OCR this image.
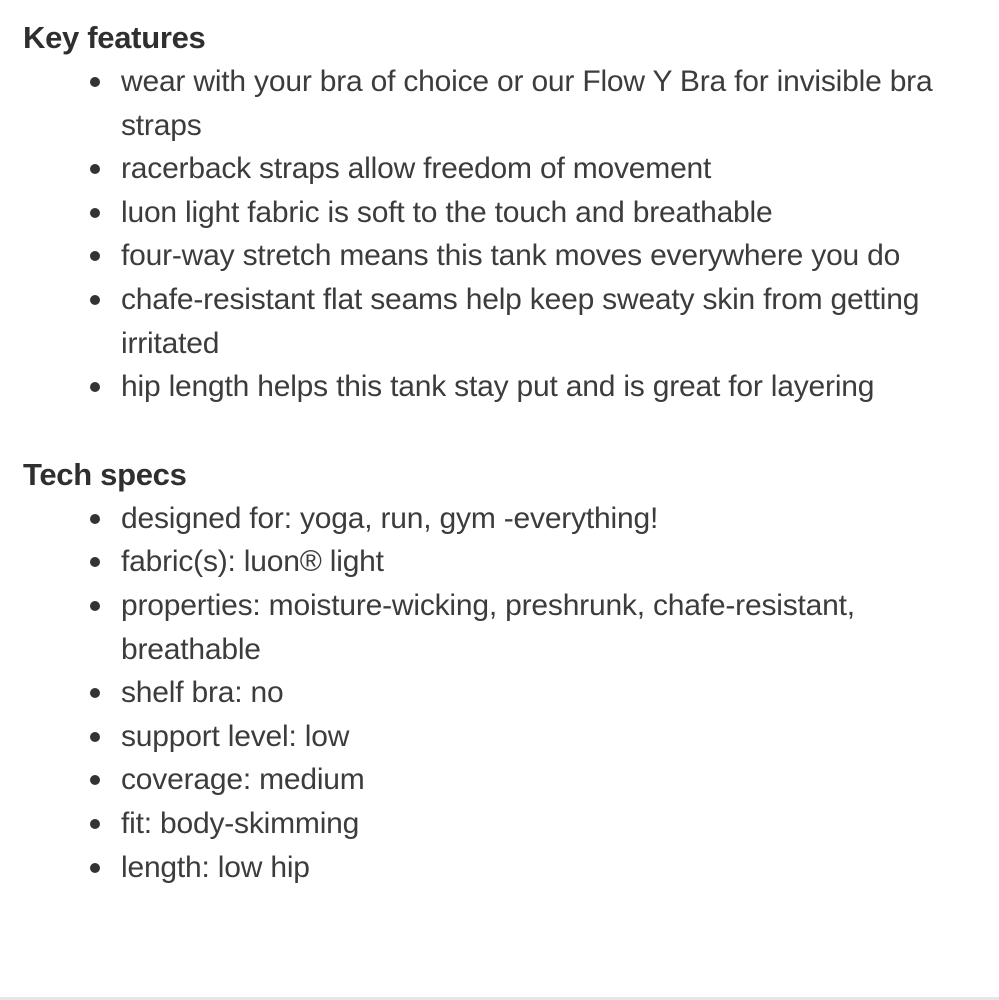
Key features
wear with your bra of choice or our Flow Y Bra for invisible bra straps
racerback straps allow freedom of movement
luon light fabric is soft to the touch and breathable
four-way stretch means this tank moves everywhere you do
chafe-resistant flat seams help keep sweaty skin from getting irritated
hip length helps this tank stay put and is great for layering
Tech specs
designed for: yoga, run, gym -everything!
fabric(s): luon® light
properties: moisture-wicking, preshrunk, chafe-resistant, breathable
shelf bra: no
support level: low
coverage: medium
fit: body-skimming
length: low hip
